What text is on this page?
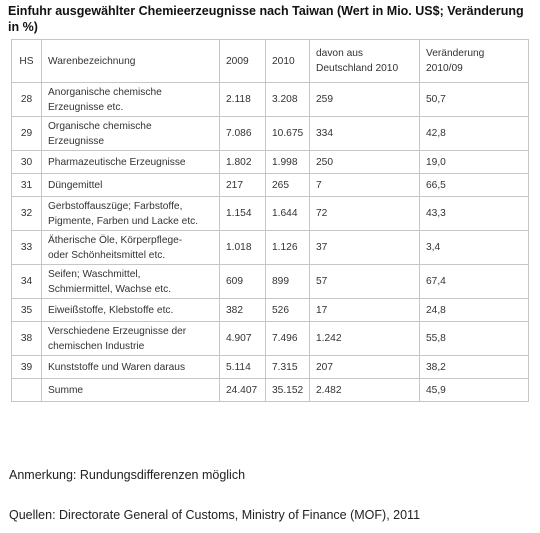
Einfuhr ausgewählter Chemieerzeugnisse nach Taiwan (Wert in Mio. US$; Veränderung in %)
HS	Warenbezeichnung	2009	2010	davon aus
Deutschland 2010	Veränderung
2010/09
28	Anorganische chemische
Erzeugnisse etc.	2.118	3.208	259	50,7
29	Organische chemische
Erzeugnisse	7.086	10.675	334	42,8
30	Pharmazeutische Erzeugnisse	1.802	1.998	250	19,0
31	Düngemittel	217	265	7	66,5
32	Gerbstoffauszüge; Farbstoffe,
Pigmente, Farben und Lacke etc.	1.154	1.644	72	43,3
33	Ätherische Öle, Körperpflege-
oder Schönheitsmittel etc.	1.018	1.126	37	3,4
34	Seifen; Waschmittel,
Schmiermittel, Wachse etc.	609	899	57	67,4
35	Eiweißstoffe, Klebstoffe etc.	382	526	17	24,8
38	Verschiedene Erzeugnisse der
chemischen Industrie	4.907	7.496	1.242	55,8
39	Kunststoffe und Waren daraus	5.114	7.315	207	38,2
	Summe	24.407	35.152	2.482	45,9
Anmerkung: Rundungsdifferenzen möglich
Quellen: Directorate General of Customs, Ministry of Finance (MOF), 2011
